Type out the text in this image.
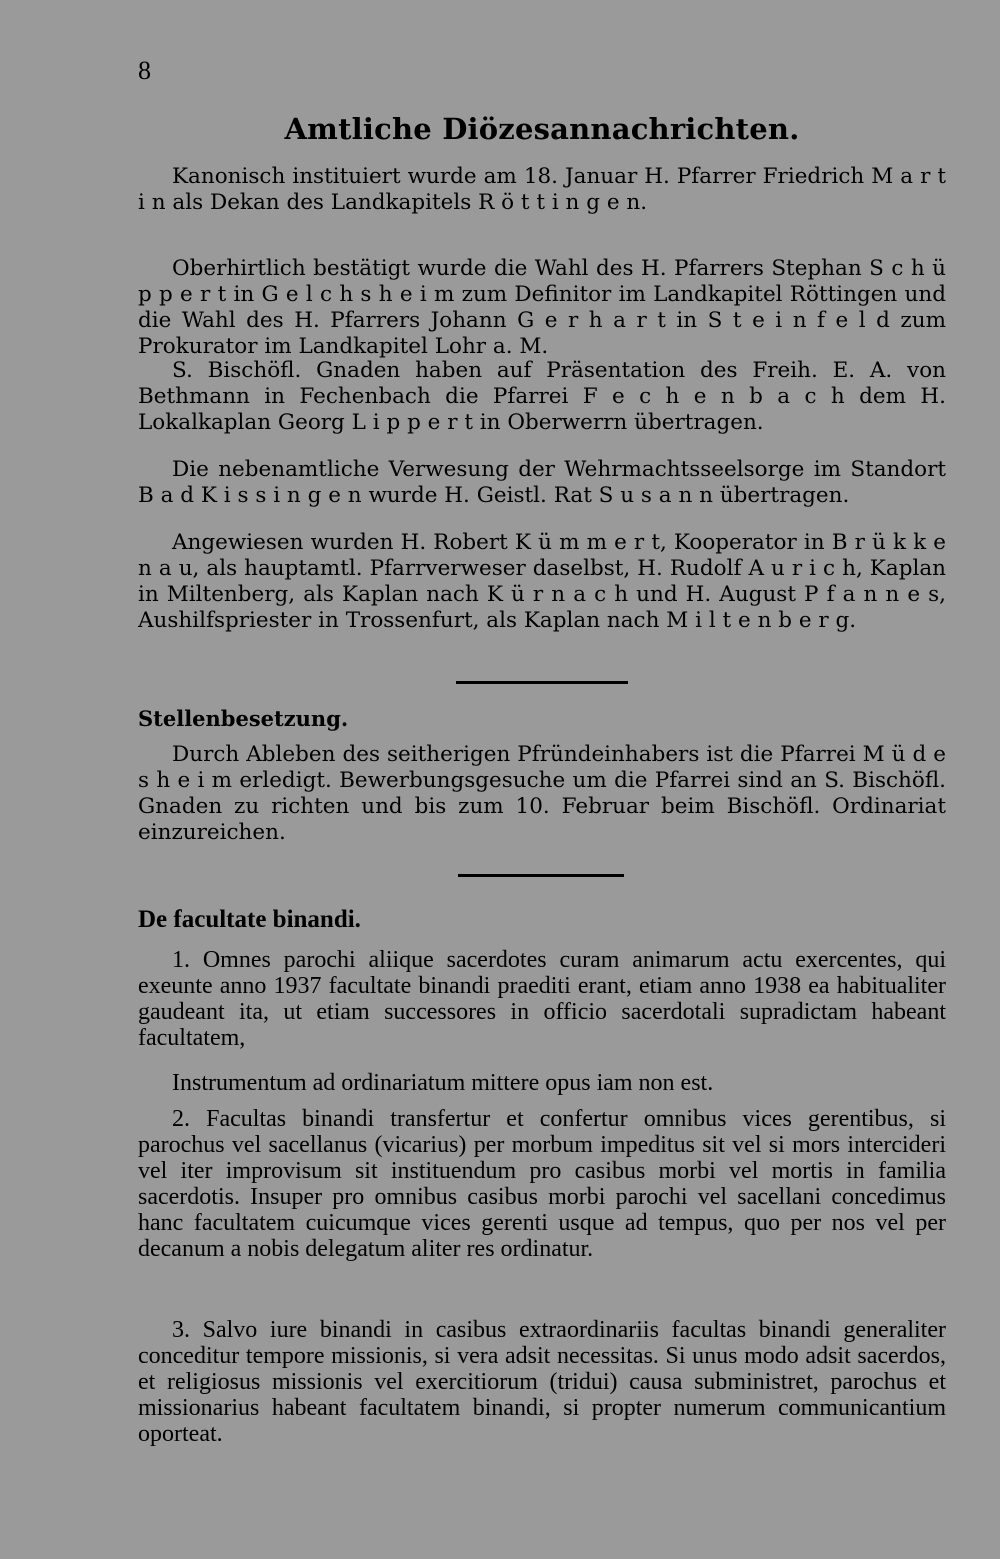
8
Amtliche Diözesannachrichten.

Kanonisch instituiert wurde am 18. Januar H. Pfarrer Friedrich M a r t i n als Dekan des Landkapitels R ö t t i n g e n.

Oberhirtlich bestätigt wurde die Wahl des H. Pfarrers Stephan S c h ü p p e r t in G e l c h s h e i m zum Definitor im Landkapitel Röttingen und die Wahl des H. Pfarrers Johann G e r h a r t in S t e i n f e l d zum Prokurator im Landkapitel Lohr a. M.

S. Bischöfl. Gnaden haben auf Präsentation des Freih. E. A. von Bethmann in Fechenbach die Pfarrei F e c h e n b a c h dem H. Lokalkaplan Georg L i p p e r t in Oberwerrn übertragen.

Die nebenamtliche Verwesung der Wehrmachtsseelsorge im Standort B a d K i s s i n g e n wurde H. Geistl. Rat S u s a n n übertragen.

Angewiesen wurden H. Robert K ü m m e r t, Kooperator in B r ü k k e n a u, als hauptamtl. Pfarrverweser daselbst, H. Rudolf A u r i c h, Kaplan in Miltenberg, als Kaplan nach K ü r n a c h und H. August P f a n n e s, Aushilfspriester in Trossenfurt, als Kaplan nach M i l t e n b e r g.

Stellenbesetzung.

Durch Ableben des seitherigen Pfründeinhabers ist die Pfarrei M ü d e s h e i m erledigt. Bewerbungsgesuche um die Pfarrei sind an S. Bischöfl. Gnaden zu richten und bis zum 10. Februar beim Bischöfl. Ordinariat einzureichen.

De facultate binandi.

1. Omnes parochi aliique sacerdotes curam animarum actu exercentes, qui exeunte anno 1937 facultate binandi praediti erant, etiam anno 1938 ea habitualiter gaudeant ita, ut etiam successores in officio sacerdotali supradictam habeant facultatem,

Instrumentum ad ordinariatum mittere opus iam non est.

2. Facultas binandi transfertur et confertur omnibus vices gerentibus, si parochus vel sacellanus (vicarius) per morbum impeditus sit vel si mors intercideri vel iter improvisum sit instituendum pro casibus morbi vel mortis in familia sacerdotis. Insuper pro omnibus casibus morbi parochi vel sacellani concedimus hanc facultatem cuicumque vices gerenti usque ad tempus, quo per nos vel per decanum a nobis delegatum aliter res ordinatur.

3. Salvo iure binandi in casibus extraordinariis facultas binandi generaliter conceditur tempore missionis, si vera adsit necessitas. Si unus modo adsit sacerdos, et religiosus missionis vel exercitiorum (tridui) causa subministret, parochus et missionarius habeant facultatem binandi, si propter numerum communicantium oporteat.
